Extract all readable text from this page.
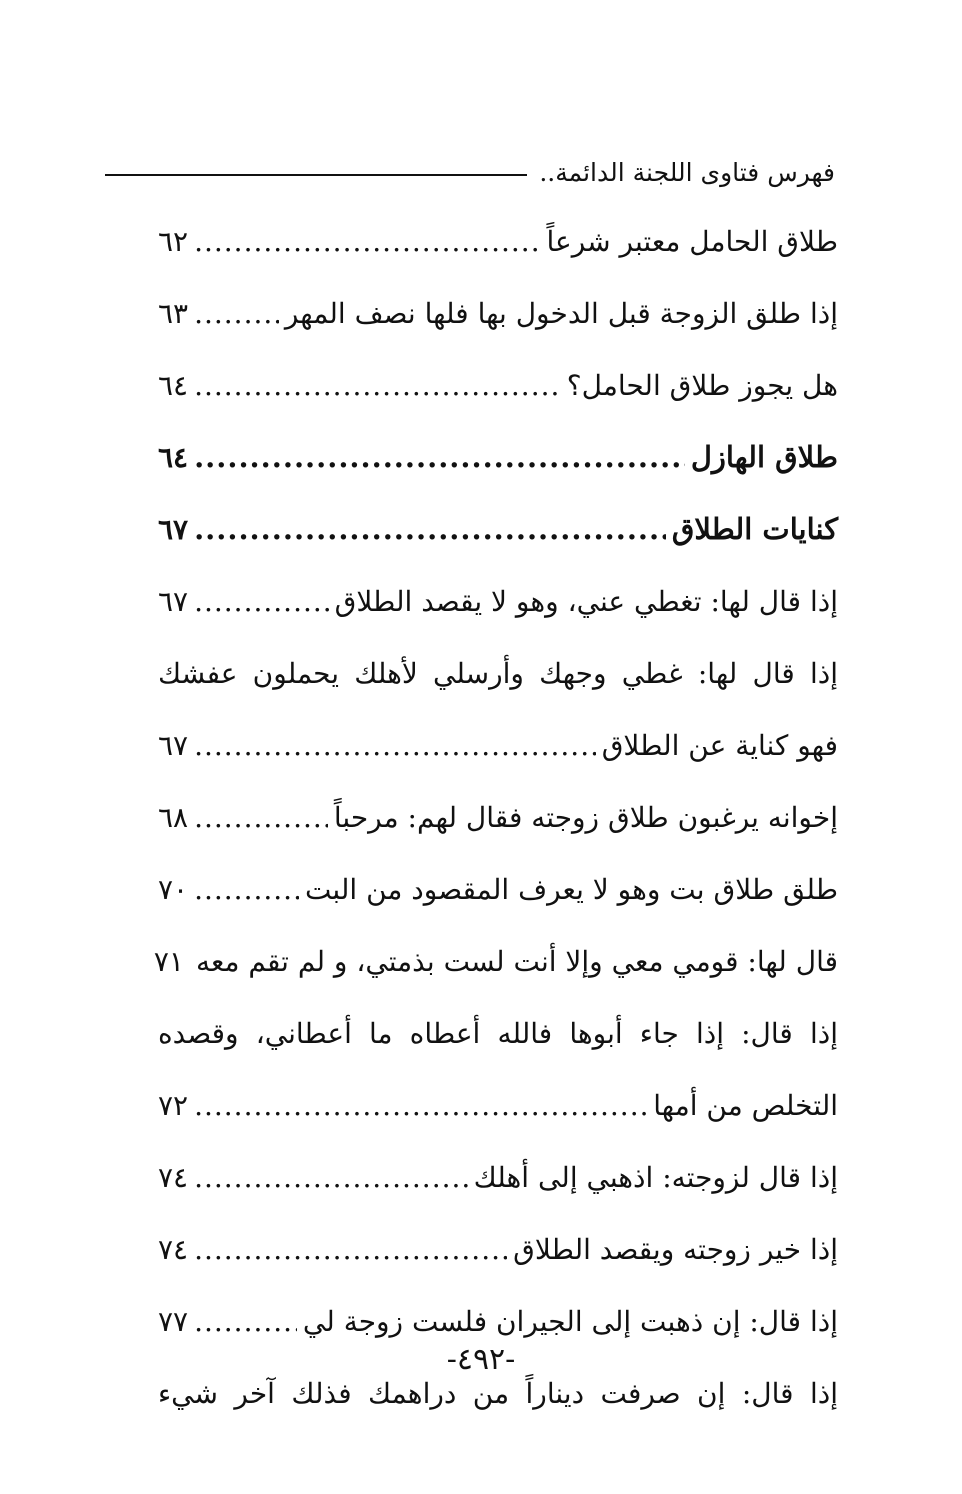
فهرس فتاوى اللجنة الدائمة..
طلاق الحامل معتبر شرعاً
.....
٦٢
إذا طلق الزوجة قبل الدخول بها فلها نصف المهر
.....
٦٣
هل يجوز طلاق الحامل؟
.....
٦٤
طلاق الهازل
.....
٦٤
كنايات الطلاق
.....
٦٧
إذا قال لها: تغطي عني، وهو لا يقصد الطلاق
.....
٦٧
إذا قال لها: غطي وجهك وأرسلي لأهلك يحملون عفشك
فهو كناية عن الطلاق
.....
٦٧
إخوانه يرغبون طلاق زوجته فقال لهم: مرحباً
.....
٦٨
طلق طلاق بت وهو لا يعرف المقصود من البت
.....
٧٠
قال لها: قومي معي وإلا أنت لست بذمتي، و لم تقم معه
٧١
إذا قال: إذا جاء أبوها فالله أعطاه ما أعطاني، وقصده
التخلص من أمها
.....
٧٢
إذا قال لزوجته: اذهبي إلى أهلك
.....
٧٤
إذا خير زوجته ويقصد الطلاق
.....
٧٤
إذا قال: إن ذهبت إلى الجيران فلست زوجة لي
.....
٧٧
إذا قال: إن صرفت ديناراً من دراهمك فذلك آخر شيء
-٤٩٢-
